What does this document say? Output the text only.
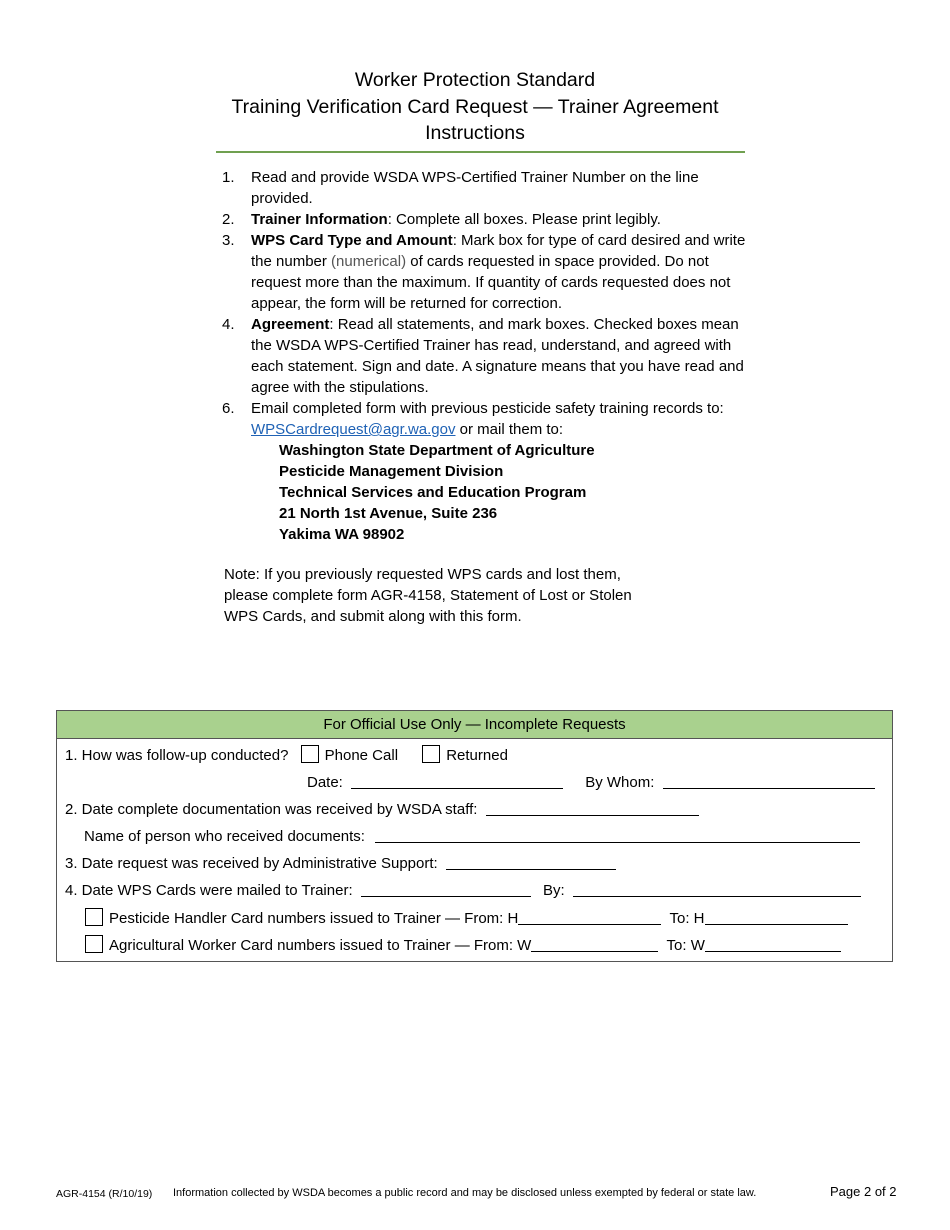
Worker Protection Standard
Training Verification Card Request — Trainer Agreement
Instructions
1.	Read and provide WSDA WPS-Certified Trainer Number on the line provided.
2.	Trainer Information: Complete all boxes. Please print legibly.
3.	WPS Card Type and Amount: Mark box for type of card desired and write the number (numerical) of cards requested in space provided. Do not request more than the maximum. If quantity of cards requested does not appear, the form will be returned for correction.
4.	Agreement: Read all statements, and mark boxes. Checked boxes mean the WSDA WPS-Certified Trainer has read, understand, and agreed with each statement. Sign and date. A signature means that you have read and agree with the stipulations.
6.	Email completed form with previous pesticide safety training records to:
WPSCardrequest@agr.wa.gov or mail them to:
Washington State Department of Agriculture
Pesticide Management Division
Technical Services and Education Program
21 North 1st Avenue, Suite 236
Yakima WA 98902
Note: If you previously requested WPS cards and lost them, please complete form AGR-4158, Statement of Lost or Stolen WPS Cards, and submit along with this form.
For Official Use Only — Incomplete Requests
1. How was follow-up conducted? Phone Call	Returned
Date:	By Whom:
2. Date complete documentation was received by WSDA staff:
Name of person who received documents:
3. Date request was received by Administrative Support:
4. Date WPS Cards were mailed to Trainer:	By:
Pesticide Handler Card numbers issued to Trainer — From: H	To: H
Agricultural Worker Card numbers issued to Trainer — From: W	To: W
AGR-4154 (R/10/19) Information collected by WSDA becomes a public record and may be disclosed unless exempted by federal or state law.	Page 2 of 2
